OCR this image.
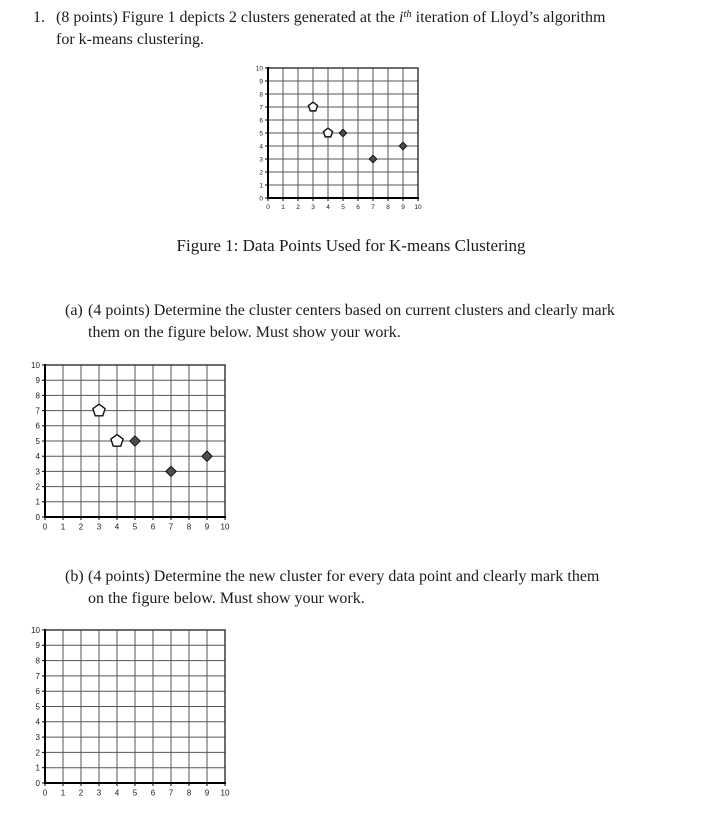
1. (8 points) Figure 1 depicts 2 clusters generated at the $i^{th}$ iteration of Lloyd’s algorithm
for k-means clustering.
0 1 2 3 4 5 6 7 8 9 10
0
1
2
3
4
5
6
7
8
9
10
Figure 1: Data Points Used for K-means Clustering
(a) (4 points) Determine the cluster centers based on current clusters and clearly mark
them on the figure below. Must show your work.
0 1 2 3 4 5 6 7 8 9 10
0
1
2
3
4
5
6
7
8
9
10
(b) (4 points) Determine the new cluster for every data point and clearly mark them
on the figure below. Must show your work.
0 1 2 3 4 5 6 7 8 9 10
0
1
2
3
4
5
6
7
8
9
10
